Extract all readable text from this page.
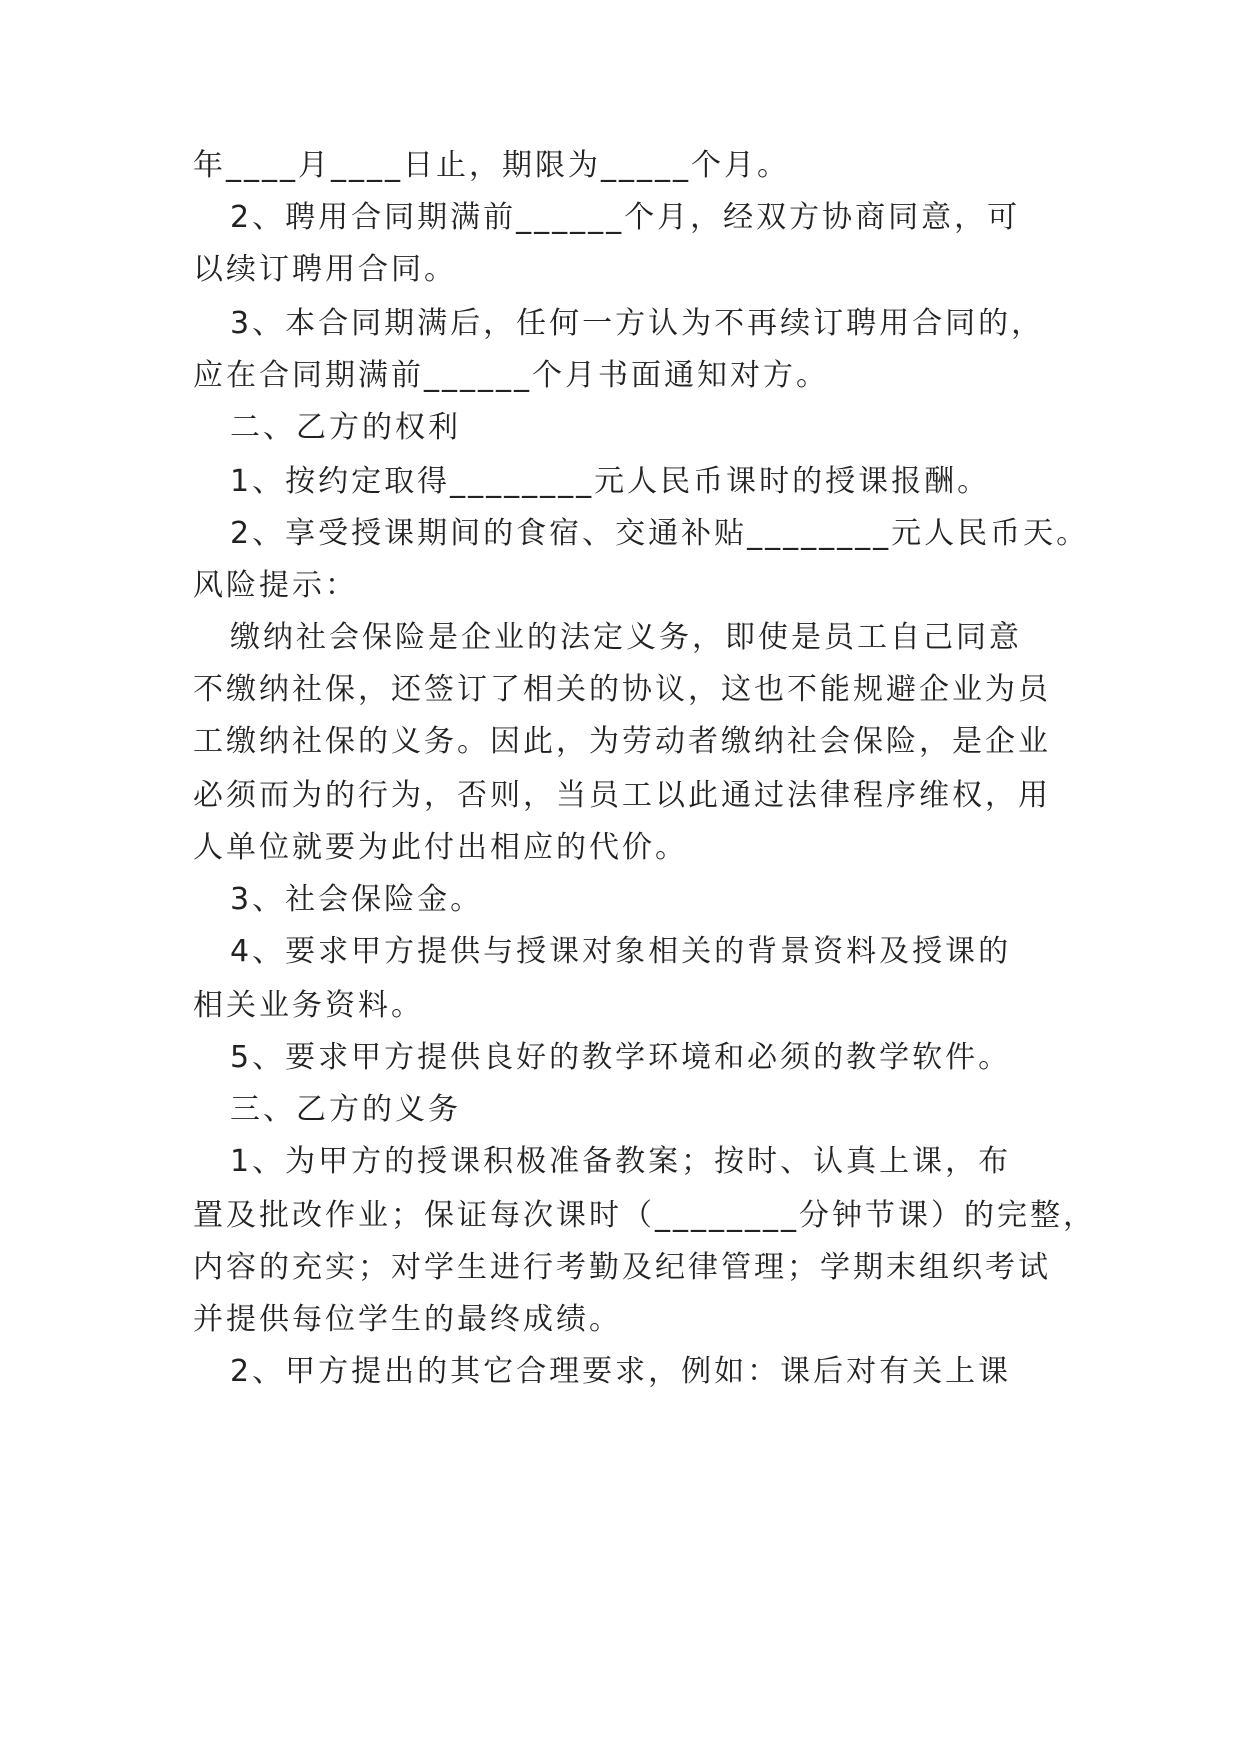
年____月____日止，期限为_____个月。
2、聘用合同期满前______个月，经双方协商同意，可
以续订聘用合同。
3、本合同期满后，任何一方认为不再续订聘用合同的，
应在合同期满前______个月书面通知对方。
二、乙方的权利
1、按约定取得________元人民币课时的授课报酬。
2、享受授课期间的食宿、交通补贴________元人民币天。
风险提示：
缴纳社会保险是企业的法定义务，即使是员工自己同意
不缴纳社保，还签订了相关的协议，这也不能规避企业为员
工缴纳社保的义务。因此，为劳动者缴纳社会保险，是企业
必须而为的行为，否则，当员工以此通过法律程序维权，用
人单位就要为此付出相应的代价。
3、社会保险金。
4、要求甲方提供与授课对象相关的背景资料及授课的
相关业务资料。
5、要求甲方提供良好的教学环境和必须的教学软件。
三、乙方的义务
1、为甲方的授课积极准备教案；按时、认真上课，布
置及批改作业；保证每次课时（________分钟节课）的完整，
内容的充实；对学生进行考勤及纪律管理；学期末组织考试
并提供每位学生的最终成绩。
2、甲方提出的其它合理要求，例如：课后对有关上课
